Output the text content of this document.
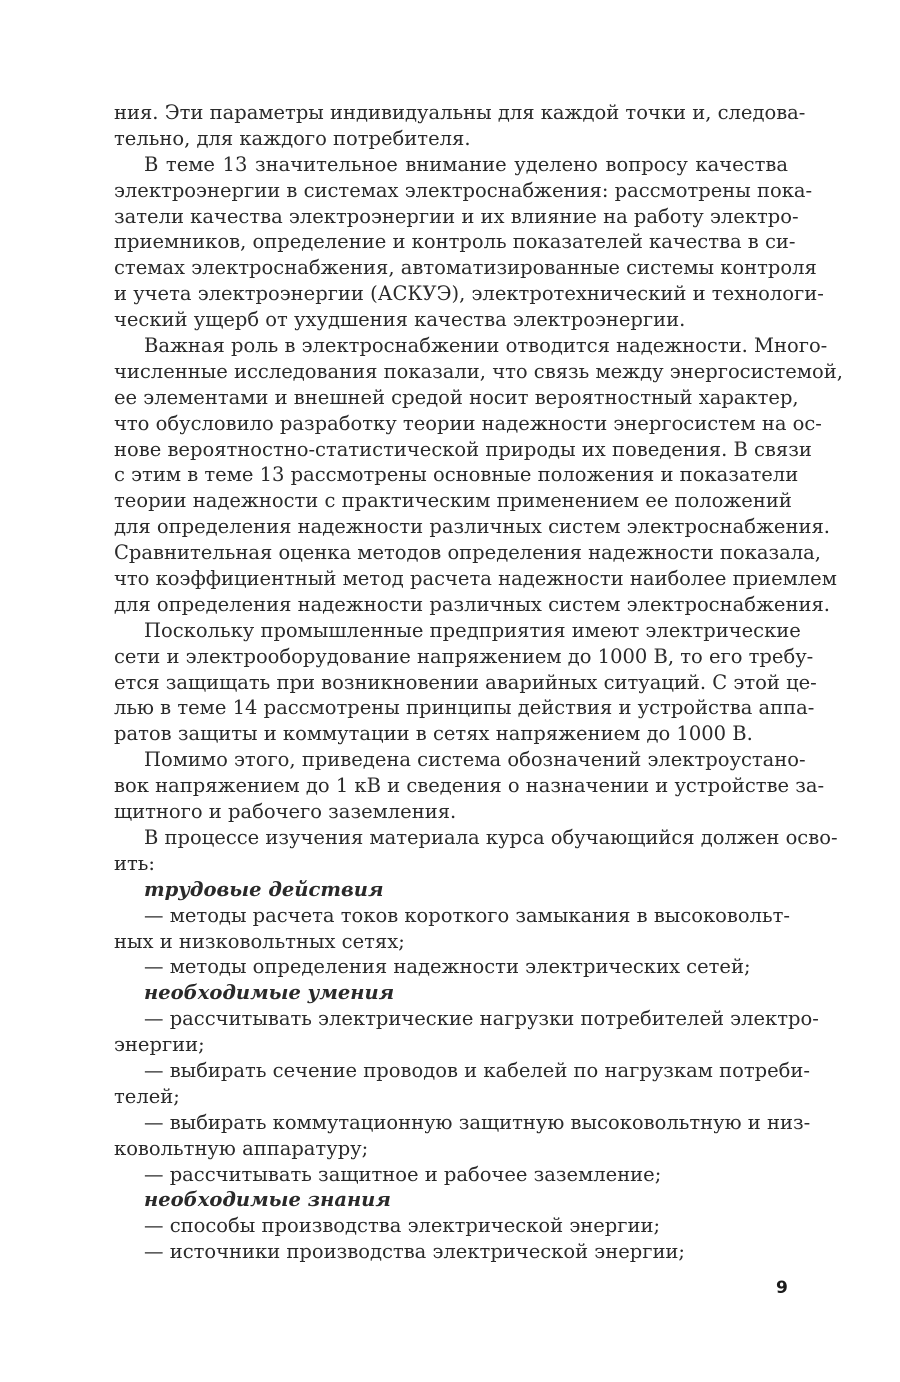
ния. Эти параметры индивидуальны для каждой точки и, следова-
тельно, для каждого потребителя.
В теме 13 значительное внимание уделено вопросу качества
электроэнергии в системах электроснабжения: рассмотрены пока-
затели качества электроэнергии и их влияние на работу электро-
приемников, определение и контроль показателей качества в си-
стемах электроснабжения, автоматизированные системы контроля
и учета электроэнергии (АСКУЭ), электротехнический и технологи-
ческий ущерб от ухудшения качества электроэнергии.
Важная роль в электроснабжении отводится надежности. Много-
численные исследования показали, что связь между энергосистемой,
ее элементами и внешней средой носит вероятностный характер,
что обусловило разработку теории надежности энергосистем на ос-
нове вероятностно-статистической природы их поведения. В связи
с этим в теме 13 рассмотрены основные положения и показатели
теории надежности с практическим применением ее положений
для определения надежности различных систем электроснабжения.
Сравнительная оценка методов определения надежности показала,
что коэффициентный метод расчета надежности наиболее приемлем
для определения надежности различных систем электроснабжения.
Поскольку промышленные предприятия имеют электрические
сети и электрооборудование напряжением до 1000 В, то его требу-
ется защищать при возникновении аварийных ситуаций. С этой це-
лью в теме 14 рассмотрены принципы действия и устройства аппа-
ратов защиты и коммутации в сетях напряжением до 1000 В.
Помимо этого, приведена система обозначений электроустано-
вок напряжением до 1 кВ и сведения о назначении и устройстве за-
щитного и рабочего заземления.
В процессе изучения материала курса обучающийся должен осво-
ить:
трудовые действия
— методы расчета токов короткого замыкания в высоковольт-
ных и низковольтных сетях;
— методы определения надежности электрических сетей;
необходимые умения
— рассчитывать электрические нагрузки потребителей электро-
энергии;
— выбирать сечение проводов и кабелей по нагрузкам потреби-
телей;
— выбирать коммутационную защитную высоковольтную и низ-
ковольтную аппаратуру;
— рассчитывать защитное и рабочее заземление;
необходимые знания
— способы производства электрической энергии;
— источники производства электрической энергии;
9
